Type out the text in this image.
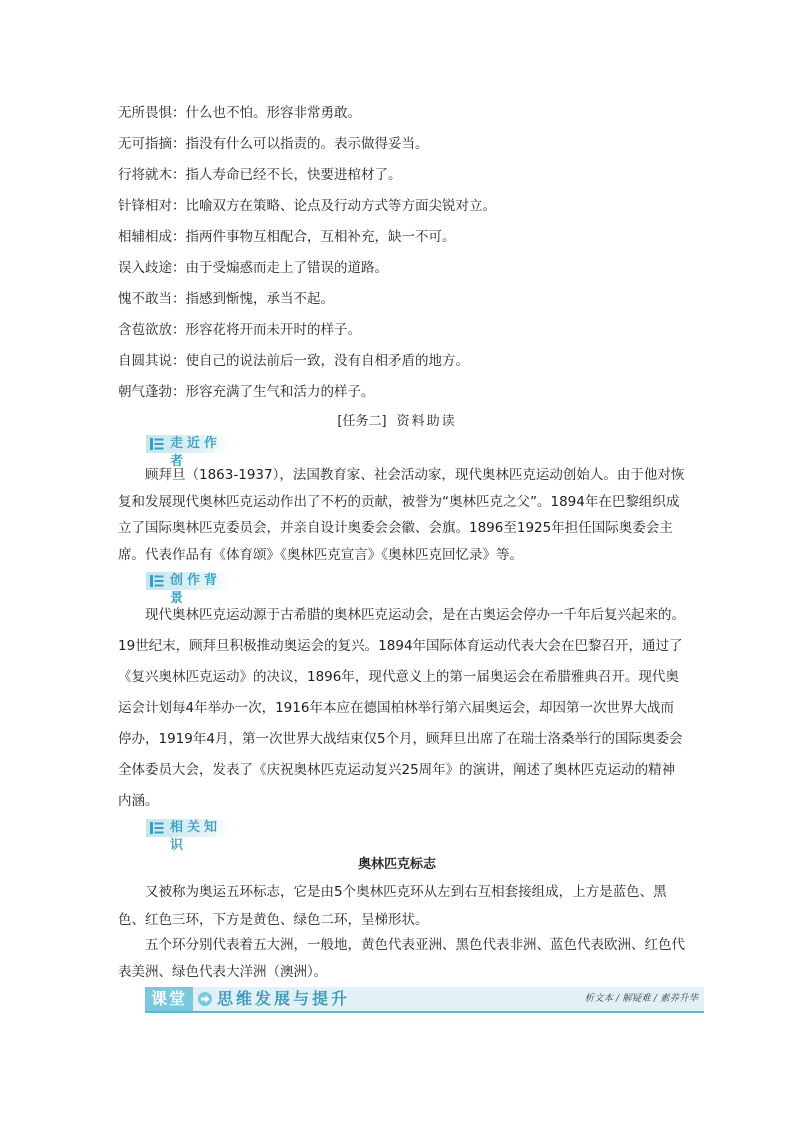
无所畏惧：什么也不怕。形容非常勇敢。
无可指摘：指没有什么可以指责的。表示做得妥当。
行将就木：指人寿命已经不长，快要进棺材了。
针锋相对：比喻双方在策略、论点及行动方式等方面尖锐对立。
相辅相成：指两件事物互相配合，互相补充，缺一不可。
误入歧途：由于受煽惑而走上了错误的道路。
愧不敢当：指感到惭愧，承当不起。
含苞欲放：形容花将开而未开时的样子。
自圆其说：使自己的说法前后一致，没有自相矛盾的地方。
朝气蓬勃：形容充满了生气和活力的样子。
[任务二] 资料助读
走近作者

顾拜旦（1863-1937），法国教育家、社会活动家，现代奥林匹克运动创始人。由于他对恢复和发展现代奥林匹克运动作出了不朽的贡献，被誉为“奥林匹克之父”。1894年在巴黎组织成立了国际奥林匹克委员会，并亲自设计奥委会会徽、会旗。1896至1925年担任国际奥委会主席。代表作品有《体育颂》《奥林匹克宣言》《奥林匹克回忆录》等。

创作背景

现代奥林匹克运动源于古希腊的奥林匹克运动会，是在古奥运会停办一千年后复兴起来的。19世纪末，顾拜旦积极推动奥运会的复兴。1894年国际体育运动代表大会在巴黎召开，通过了《复兴奥林匹克运动》的决议，1896年，现代意义上的第一届奥运会在希腊雅典召开。现代奥运会计划每4年举办一次，1916年本应在德国柏林举行第六届奥运会，却因第一次世界大战而停办，1919年4月，第一次世界大战结束仅5个月，顾拜旦出席了在瑞士洛桑举行的国际奥委会全体委员大会，发表了《庆祝奥林匹克运动复兴25周年》的演讲，阐述了奥林匹克运动的精神内涵。

相关知识
奥林匹克标志

又被称为奥运五环标志，它是由5个奥林匹克环从左到右互相套接组成，上方是蓝色、黑色、红色三环，下方是黄色、绿色二环，呈梯形状。

五个环分别代表着五大洲，一般地，黄色代表亚洲、黑色代表非洲、蓝色代表欧洲、红色代表美洲、绿色代表大洋洲（澳洲）。

课堂	思维发展与提升	析文本 / 解疑难 / 素养升华
